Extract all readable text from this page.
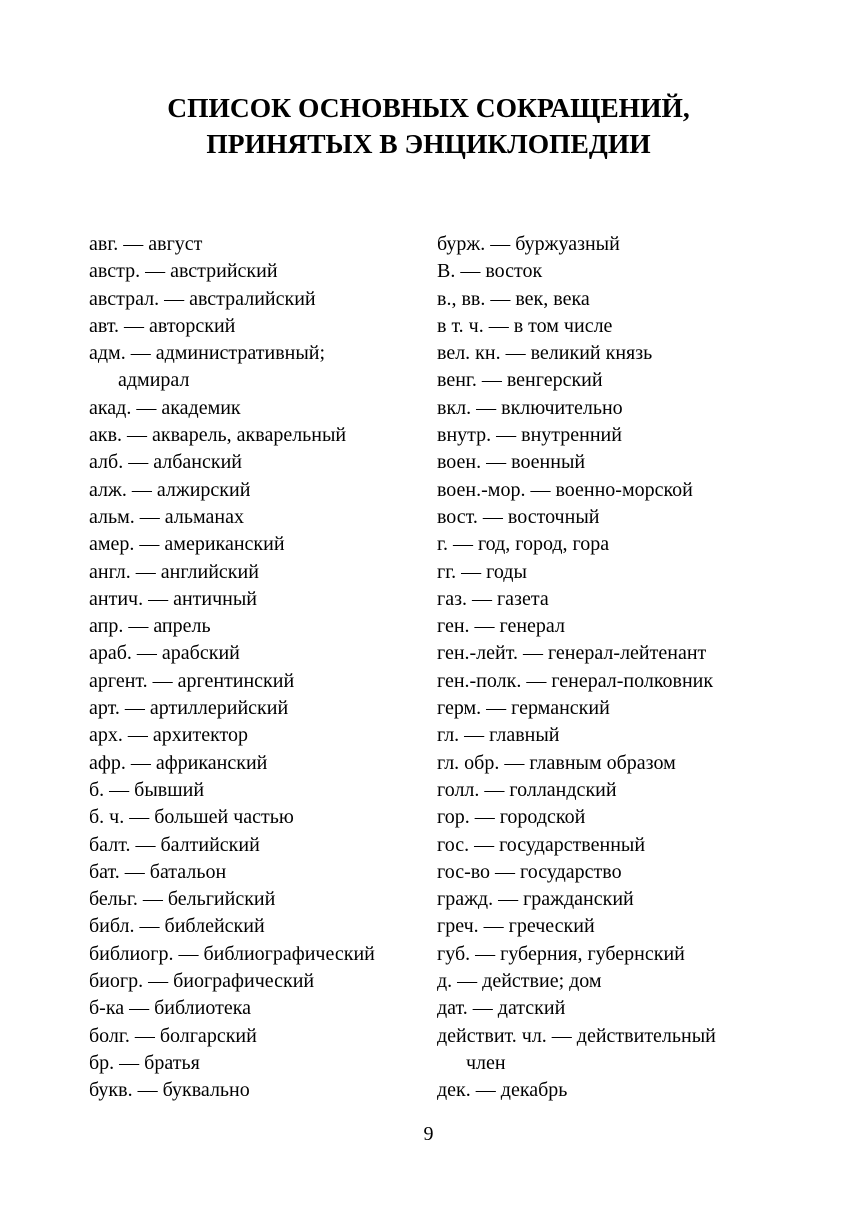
СПИСОК ОСНОВНЫХ СОКРАЩЕНИЙ,
ПРИНЯТЫХ В ЭНЦИКЛОПЕДИИ
авг. — август
австр. — австрийский
австрал. — австралийский
авт. — авторский
адм. — административный;
адмирал
акад. — академик
акв. — акварель, акварельный
алб. — албанский
алж. — алжирский
альм. — альманах
амер. — американский
англ. — английский
антич. — античный
апр. — апрель
араб. — арабский
аргент. — аргентинский
арт. — артиллерийский
арх. — архитектор
афр. — африканский
б. — бывший
б. ч. — большей частью
балт. — балтийский
бат. — батальон
бельг. — бельгийский
библ. — библейский
библиогр. — библиографический
биогр. — биографический
б-ка — библиотека
болг. — болгарский
бр. — братья
букв. — буквально
бурж. — буржуазный
В. — восток
в., вв. — век, века
в т. ч. — в том числе
вел. кн. — великий князь
венг. — венгерский
вкл. — включительно
внутр. — внутренний
воен. — военный
воен.-мор. — военно-морской
вост. — восточный
г. — год, город, гора
гг. — годы
газ. — газета
ген. — генерал
ген.-лейт. — генерал-лейтенант
ген.-полк. — генерал-полковник
герм. — германский
гл. — главный
гл. обр. — главным образом
голл. — голландский
гор. — городской
гос. — государственный
гос-во — государство
гражд. — гражданский
греч. — греческий
губ. — губерния, губернский
д. — действие; дом
дат. — датский
действит. чл. — действительный
член
дек. — декабрь
9
